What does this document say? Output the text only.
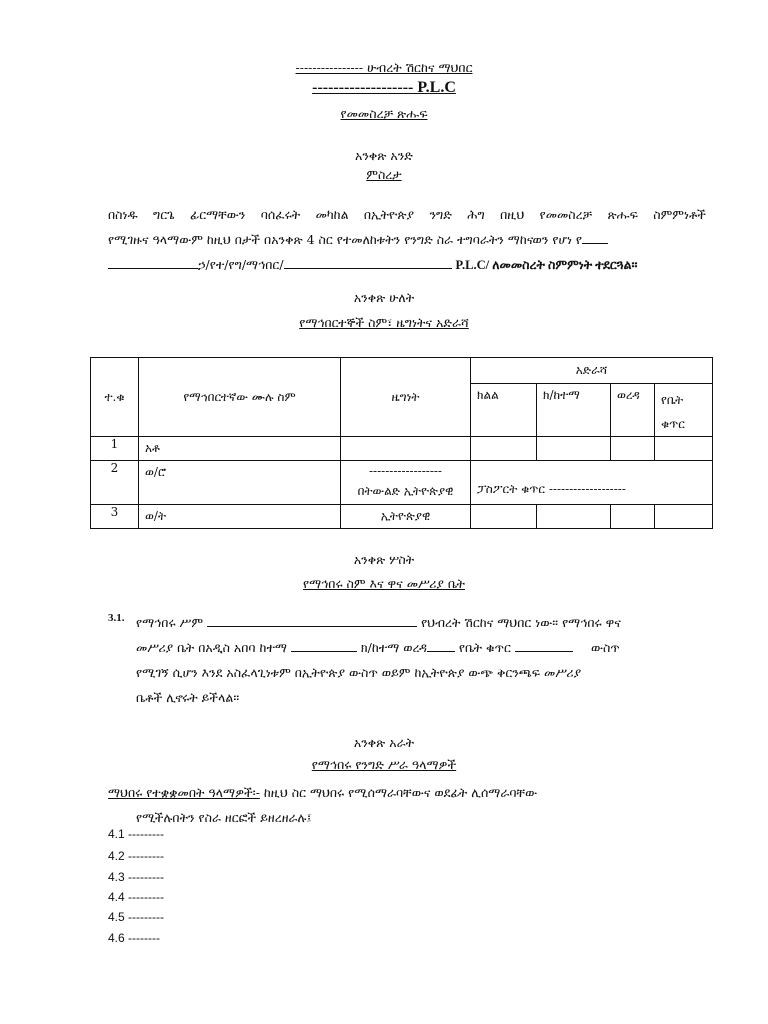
---------------- ሁብረት ሽርከና ማህበር
------------------- P.L.C
የመመስረቻ ጽሑፍ
አንቀጽ አንድ
ምስረታ
በስነዱ ግርጌ ፊርማቸውን ባሰፈሩት መካከል በኢትዮጵያ ንግድ ሕግ በዚህ የመመስረቻ ጽሑፍ ስምምነቶች
የሚገዙና ዓላማውም ከዚህ በታች በአንቀጽ 4 ስር የተመለከቱትን የንግድ ስራ ተግባራትን ማከናወን የሆነ የ
ኃ/የተ/የግ/ማኅበር/	P.L.C/ ለመመስረት ስምምነት ተደርጓል፡፡
አንቀጽ ሁለት
የማኅበርተኞች ስም፣ ዜግነትና አድራሻ
ተ.ቁ	የማኅበርተኛው ሙሉ ስም	ዜግነት	አድራሻ			
			ክልል	ክ/ከተማ	ወረዳ	የቤት
ቁጥር
1	አቶ					
2	ወ/ሮ	------------------
በትውልድ ኢትዮጵያዊ	ፓስፖርት ቁጥር -------------------			
3	ወ/ት	ኢትዮጵያዊ				
አንቀጽ ሦስት
የማኅበሩ ስም እና ዋና መሥሪያ ቤት
3.1. የማኅበሩ ሥም	የህብረት ሽርከና ማህበር ነው፡፡ የማኅበሩ ዋና
መሥሪያ ቤት በአዲስ አበባ ከተማ	ክ/ከተማ ወረዳ	የቤት ቁጥር	ውስጥ
የሚገኝ ሲሆን እንደ አስፈላጊነቱም በኢትዮጵያ ውስጥ ወይም ከኢትዮጵያ ውጭ ቅርንጫፍ መሥሪያ
ቤቶች ሊኖሩት ይችላል፡፡
አንቀጽ አራት
የማኅበሩ የንግድ ሥራ ዓላማዎች
ማህበሩ የተቋቋመበት ዓላማዎች፡- ከዚህ ስር ማህበሩ የሚሰማራባቸውና ወደፊት ሊሰማራባቸው
የሚችሉበትን የስራ ዘርፎች ይዘረዘራሉ፤
4.1 ---------
4.2 ---------
4.3 ---------
4.4 ---------
4.5 ---------
4.6 --------
